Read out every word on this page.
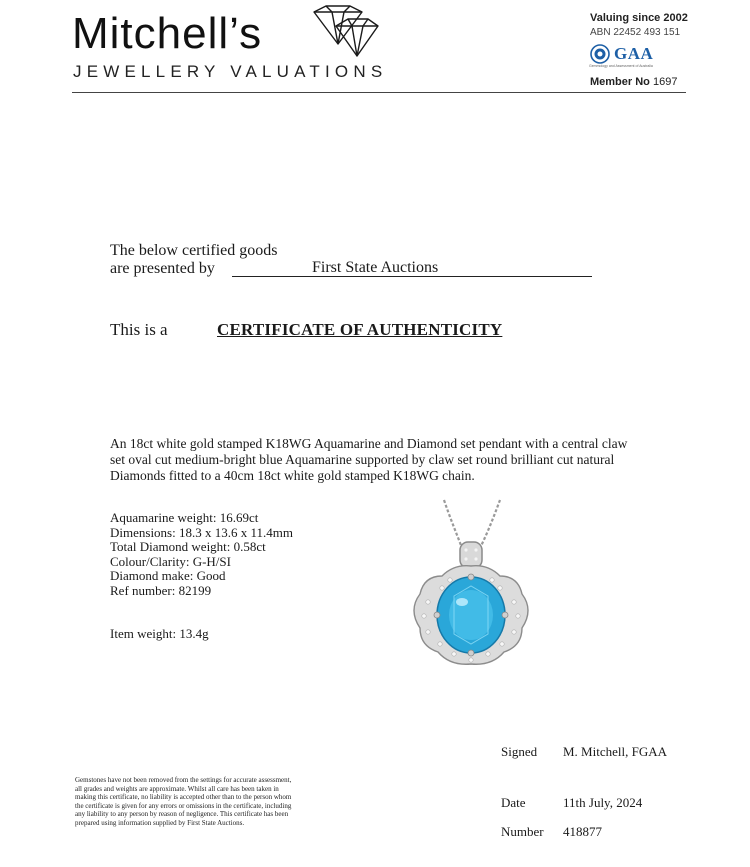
Mitchell’s
JEWELLERY VALUATIONS
Valuing since 2002
ABN 22452 493 151
GAA
Gemmology and Assessment of Australia
Member No 1697
The below certified goods
are presented by	First State Auctions
This is a	CERTIFICATE OF AUTHENTICITY
An 18ct white gold stamped K18WG Aquamarine and Diamond set pendant with a central claw set oval cut medium-bright blue Aquamarine supported by claw set round brilliant cut natural Diamonds fitted to a 40cm 18ct white gold stamped K18WG chain.
Aquamarine weight: 16.69ct
Dimensions: 18.3 x 13.6 x 11.4mm
Total Diamond weight: 0.58ct
Colour/Clarity: G-H/SI
Diamond make: Good
Ref number: 82199
Item weight: 13.4g
Signed M. Mitchell, FGAA
Date	11th July, 2024
Number 418877
Gemstones have not been removed from the settings for accurate assessment, all grades and weights are approximate. Whilst all care has been taken in making this certificate, no liability is accepted other than to the person whom the certificate is given for any errors or omissions in the certificate, including any liability to any person by reason of negligence. This certificate has been prepared using information supplied by First State Auctions.
